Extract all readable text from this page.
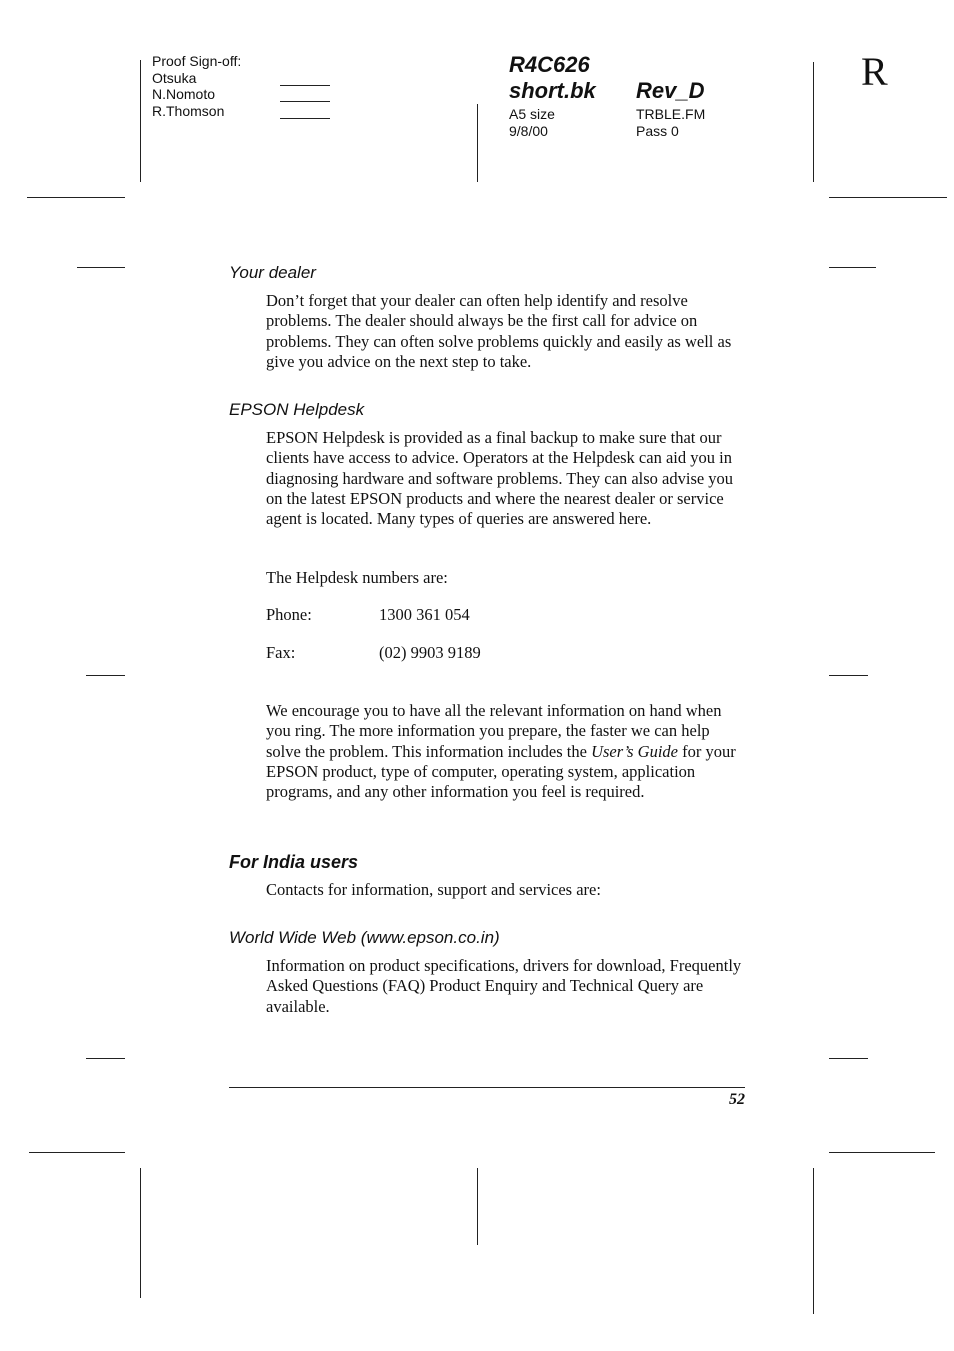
Proof Sign-off:
Otsuka
N.Nomoto
R.Thomson
R4C626
short.bk Rev_D
A5 size
9/8/00
TRBLE.FM
Pass 0
R
Your dealer
Don’t forget that your dealer can often help identify and resolve problems. The dealer should always be the first call for advice on problems. They can often solve problems quickly and easily as well as give you advice on the next step to take.
EPSON Helpdesk
EPSON Helpdesk is provided as a final backup to make sure that our clients have access to advice. Operators at the Helpdesk can aid you in diagnosing hardware and software problems. They can also advise you on the latest EPSON products and where the nearest dealer or service agent is located. Many types of queries are answered here.
The Helpdesk numbers are:
Phone:	1300 361 054
Fax:	(02) 9903 9189
We encourage you to have all the relevant information on hand when you ring. The more information you prepare, the faster we can help solve the problem. This information includes the User’s Guide for your EPSON product, type of computer, operating system, application programs, and any other information you feel is required.
For India users
Contacts for information, support and services are:
World Wide Web (www.epson.co.in)
Information on product specifications, drivers for download, Frequently Asked Questions (FAQ) Product Enquiry and Technical Query are available.
52
